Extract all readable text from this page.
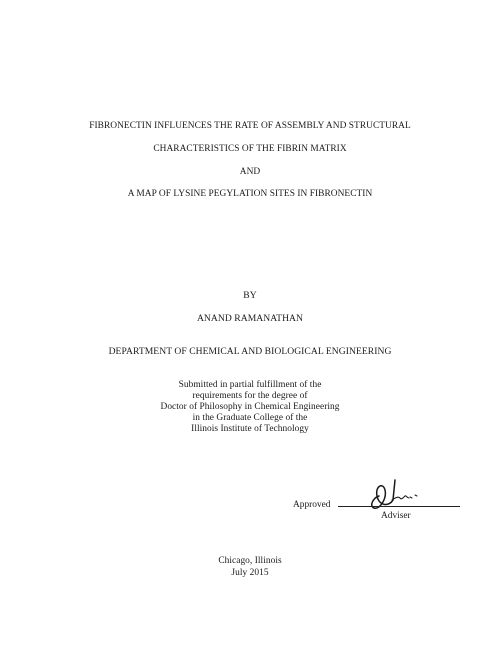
FIBRONECTIN INFLUENCES THE RATE OF ASSEMBLY AND STRUCTURAL
CHARACTERISTICS OF THE FIBRIN MATRIX
AND
A MAP OF LYSINE PEGYLATION SITES IN FIBRONECTIN
BY
ANAND RAMANATHAN
DEPARTMENT OF CHEMICAL AND BIOLOGICAL ENGINEERING
Submitted in partial fulfillment of the
requirements for the degree of
Doctor of Philosophy in Chemical Engineering
in the Graduate College of the
Illinois Institute of Technology
Approved
Adviser
Chicago, Illinois
July 2015
